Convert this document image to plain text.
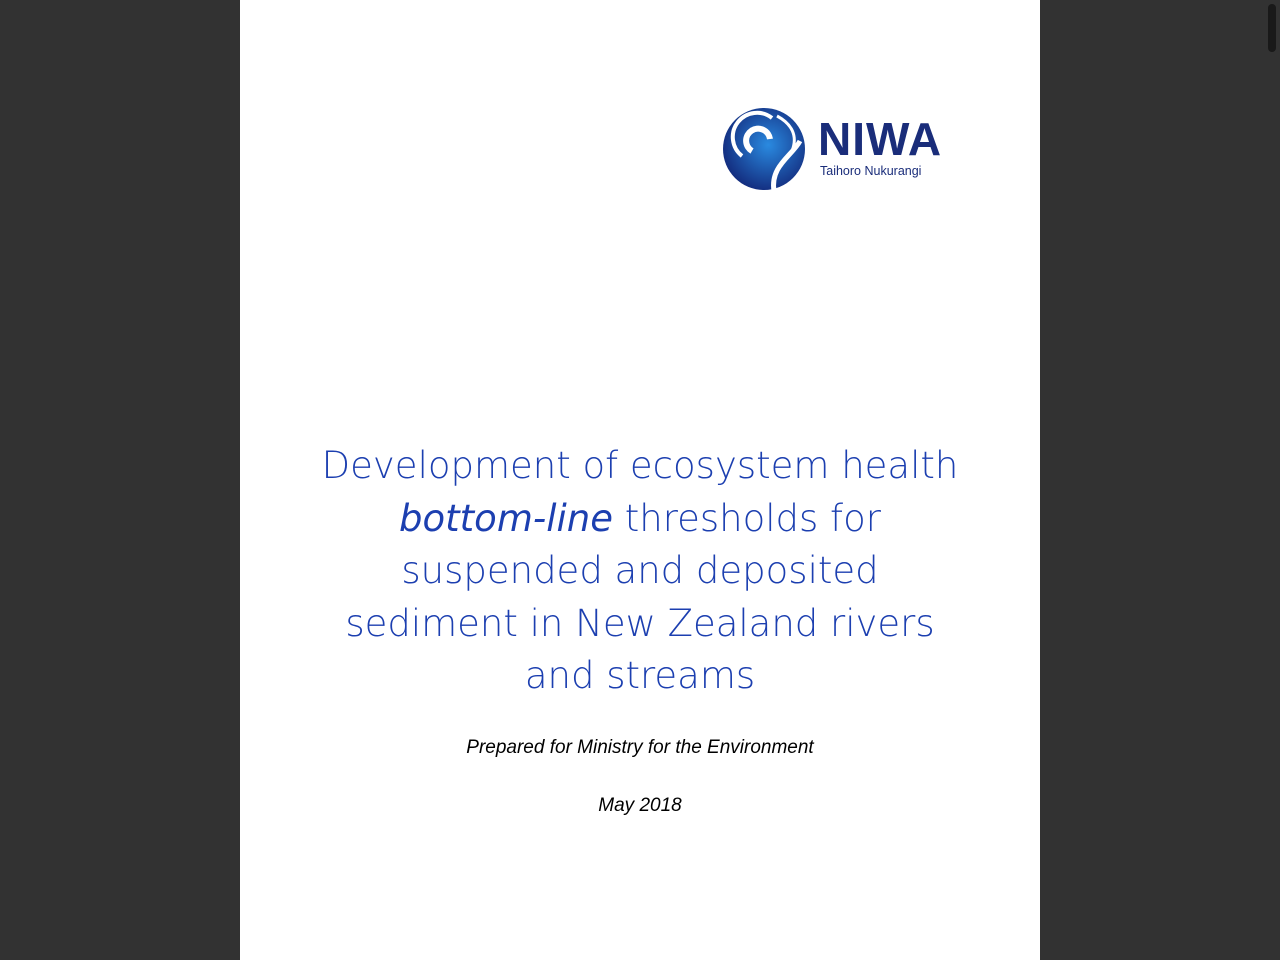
NIWA
Taihoro Nukurangi
Development of ecosystem health
bottom-line thresholds for
suspended and deposited
sediment in New Zealand rivers
and streams
Prepared for Ministry for the Environment
May 2018
